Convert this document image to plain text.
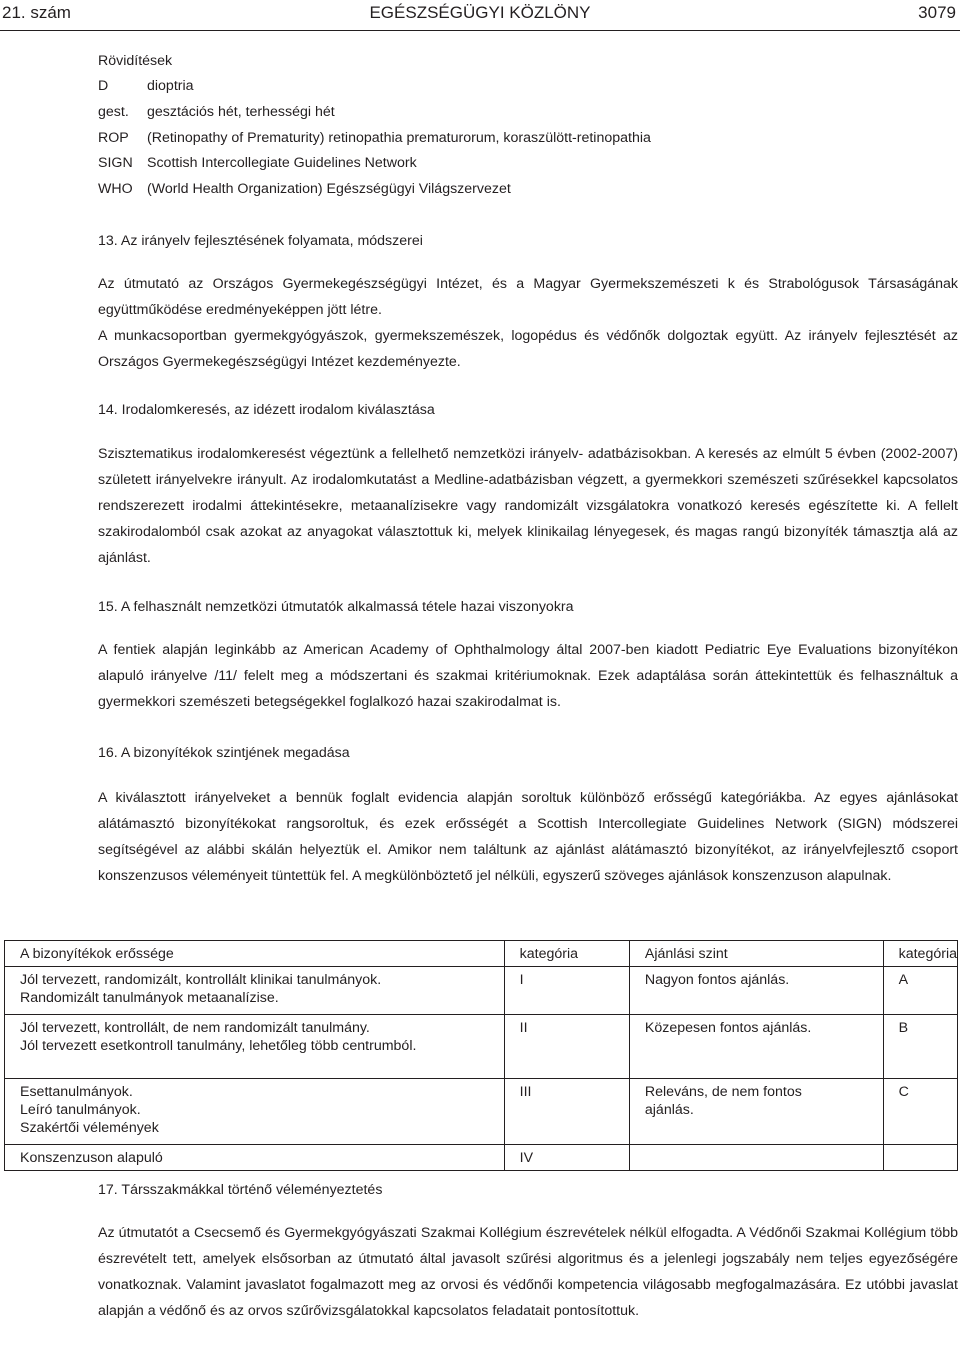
21. szám	EGÉSZSÉGÜGYI KÖZLÖNY	3079
Rövidítések
D	dioptria
gest. gesztációs hét, terhességi hét
ROP (Retinopathy of Prematurity) retinopathia prematurorum, koraszülött-retinopathia
SIGN Scottish Intercollegiate Guidelines Network
WHO (World Health Organization) Egészségügyi Világszervezet
13. Az irányelv fejlesztésének folyamata, módszerei

Az útmutató az Országos Gyermekegészségügyi Intézet, és a Magyar Gyermekszemészeti k és Strabológusok Társaságának együttműködése eredményeképpen jött létre.

A munkacsoportban gyermekgyógyászok, gyermekszemészek, logopédus és védőnők dolgoztak együtt. Az irányelv fejlesztését az Országos Gyermekegészségügyi Intézet kezdeményezte.

14. Irodalomkeresés, az idézett irodalom kiválasztása

Szisztematikus irodalomkeresést végeztünk a fellelhető nemzetközi irányelv- adatbázisokban. A keresés az elmúlt 5 évben (2002-2007) született irányelvekre irányult. Az irodalomkutatást a Medline-adatbázisban végzett, a gyermekkori szemészeti szűrésekkel kapcsolatos rendszerezett irodalmi áttekintésekre, metaanalízisekre vagy randomizált vizsgálatokra vonatkozó keresés egészítette ki. A fellelt szakirodalomból csak azokat az anyagokat választottuk ki, melyek klinikailag lényegesek, és magas rangú bizonyíték támasztja alá az ajánlást.

15. A felhasznált nemzetközi útmutatók alkalmassá tétele hazai viszonyokra

A fentiek alapján leginkább az American Academy of Ophthalmology által 2007-ben kiadott Pediatric Eye Evaluations bizonyítékon alapuló irányelve /11/ felelt meg a módszertani és szakmai kritériumoknak. Ezek adaptálása során áttekintettük és felhasználtuk a gyermekkori szemészeti betegségekkel foglalkozó hazai szakirodalmat is.

16. A bizonyítékok szintjének megadása

A kiválasztott irányelveket a bennük foglalt evidencia alapján soroltuk különböző erősségű kategóriákba. Az egyes ajánlásokat alátámasztó bizonyítékokat rangsoroltuk, és ezek erősségét a Scottish Intercollegiate Guidelines Network (SIGN) módszerei segítségével az alábbi skálán helyeztük el. Amikor nem találtunk az ajánlást alátámasztó bizonyítékot, az irányelvfejlesztő csoport konszenzusos véleményeit tüntettük fel. A megkülönböztető jel nélküli, egyszerű szöveges ajánlások konszenzuson alapulnak.

A bizonyítékok erőssége	kategória	Ajánlási szint	kategória

Jól tervezett, randomizált, kontrollált klinikai tanulmányok.
Randomizált tanulmányok metaanalízise.	I	Nagyon fontos ajánlás.	A

Jól tervezett, kontrollált, de nem randomizált tanulmány.
Jól tervezett esetkontroll tanulmány, lehetőleg több centrumból.	II	Közepesen fontos ajánlás.	B

Esettanulmányok.
Leíró tanulmányok.
Szakértői vélemények	III	Releváns, de nem fontos ajánlás.	C

Konszenzuson alapuló	IV		
17. Társszakmákkal történő véleményeztetés

Az útmutatót a Csecsemő és Gyermekgyógyászati Szakmai Kollégium észrevételek nélkül elfogadta. A Védőnői Szakmai Kollégium több észrevételt tett, amelyek elsősorban az útmutató által javasolt szűrési algoritmus és a jelenlegi jogszabály nem teljes egyezőségére vonatkoznak. Valamint javaslatot fogalmazott meg az orvosi és védőnői kompetencia világosabb megfogalmazására. Ez utóbbi javaslat alapján a védőnő és az orvos szűrővizsgálatokkal kapcsolatos feladatait pontosítottuk.
